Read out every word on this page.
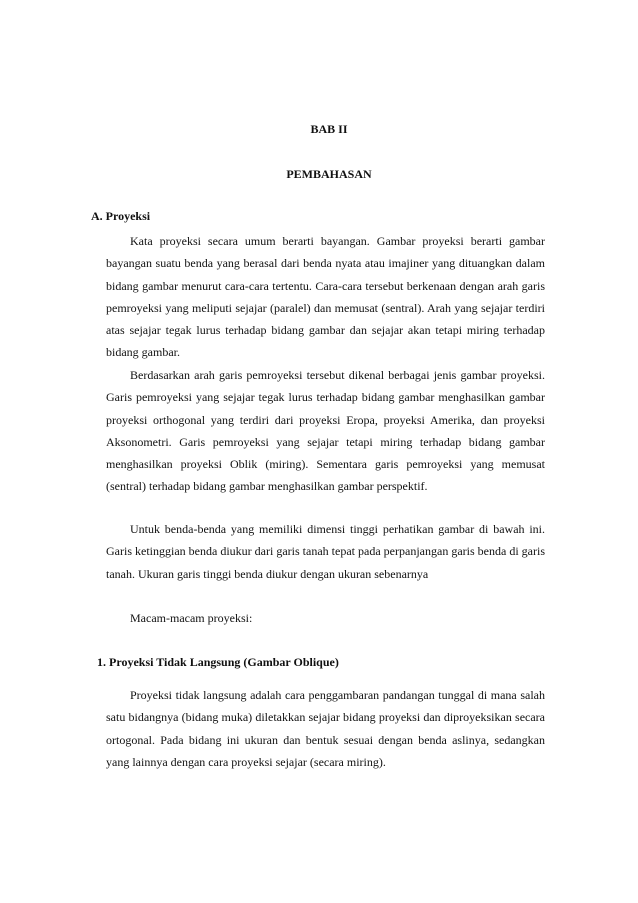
BAB II
PEMBAHASAN
A. Proyeksi

Kata proyeksi secara umum berarti bayangan. Gambar proyeksi berarti gambar bayangan suatu benda yang berasal dari benda nyata atau imajiner yang dituangkan dalam bidang gambar menurut cara-cara tertentu. Cara-cara tersebut berkenaan dengan arah garis pemroyeksi yang meliputi sejajar (paralel) dan memusat (sentral). Arah yang sejajar terdiri atas sejajar tegak lurus terhadap bidang gambar dan sejajar akan tetapi miring terhadap bidang gambar.

Berdasarkan arah garis pemroyeksi tersebut dikenal berbagai jenis gambar proyeksi. Garis pemroyeksi yang sejajar tegak lurus terhadap bidang gambar menghasilkan gambar proyeksi orthogonal yang terdiri dari proyeksi Eropa, proyeksi Amerika, dan proyeksi Aksonometri. Garis pemroyeksi yang sejajar tetapi miring terhadap bidang gambar menghasilkan proyeksi Oblik (miring). Sementara garis pemroyeksi yang memusat (sentral) terhadap bidang gambar menghasilkan gambar perspektif.

Untuk benda-benda yang memiliki dimensi tinggi perhatikan gambar di bawah ini. Garis ketinggian benda diukur dari garis tanah tepat pada perpanjangan garis benda di garis tanah. Ukuran garis tinggi benda diukur dengan ukuran sebenarnya

Macam-macam proyeksi:

1. Proyeksi Tidak Langsung (Gambar Oblique)

Proyeksi tidak langsung adalah cara penggambaran pandangan tunggal di mana salah satu bidangnya (bidang muka) diletakkan sejajar bidang proyeksi dan diproyeksikan secara ortogonal. Pada bidang ini ukuran dan bentuk sesuai dengan benda aslinya, sedangkan yang lainnya dengan cara proyeksi sejajar (secara miring).
